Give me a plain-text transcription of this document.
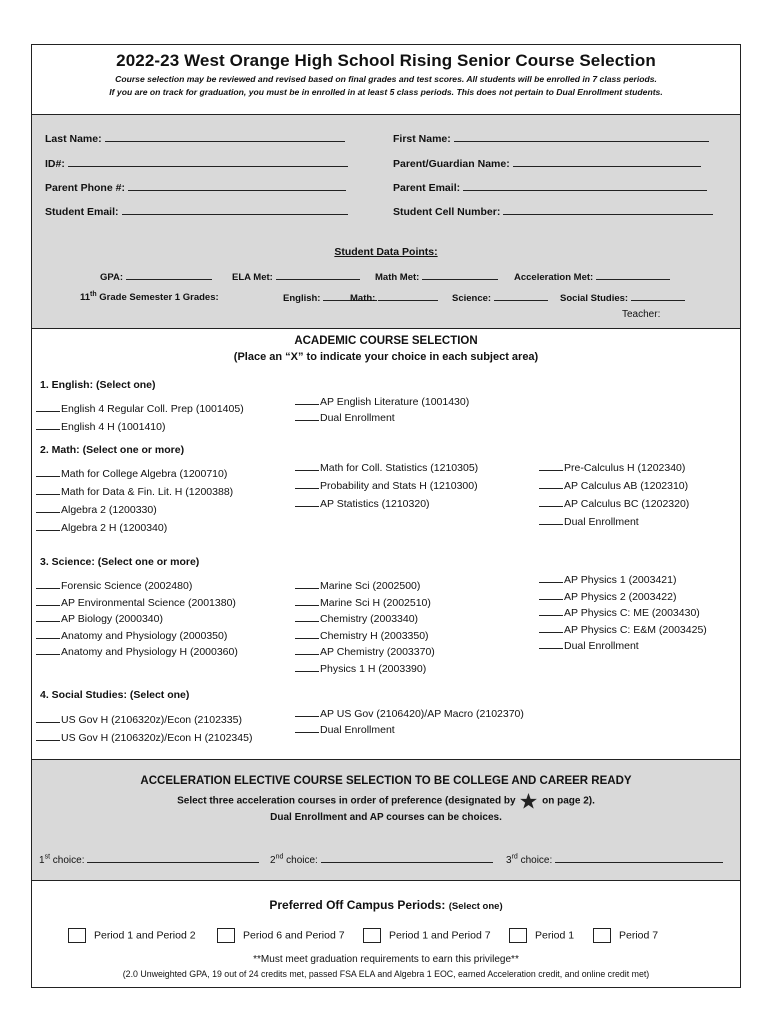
2022-23 West Orange High School Rising Senior Course Selection
Course selection may be reviewed and revised based on final grades and test scores. All students will be enrolled in 7 class periods.
If you are on track for graduation, you must be in enrolled in at least 5 class periods. This does not pertain to Dual Enrollment students.
Last Name:	First Name:
ID#:	Parent/Guardian Name:
Parent Phone #:	Parent Email:
Student Email:	Student Cell Number:
Student Data Points:
GPA:	ELA Met:	Math Met:	Acceleration Met:
11th Grade Semester 1 Grades:	English:	Math:	Science:	Social Studies:
Teacher:
ACADEMIC COURSE SELECTION
(Place an “X” to indicate your choice in each subject area)
1. English: (Select one)
English 4 Regular Coll. Prep (1001405)
English 4 H (1001410)
AP English Literature (1001430)
Dual Enrollment
2. Math: (Select one or more)
Math for College Algebra (1200710)
Math for Data & Fin. Lit. H (1200388)
Algebra 2 (1200330)
Algebra 2 H (1200340)
Math for Coll. Statistics (1210305)
Probability and Stats H (1210300)
AP Statistics (1210320)
Pre-Calculus H (1202340)
AP Calculus AB (1202310)
AP Calculus BC (1202320)
Dual Enrollment
3. Science: (Select one or more)
Forensic Science (2002480)
AP Environmental Science (2001380)
AP Biology (2000340)
Anatomy and Physiology (2000350)
Anatomy and Physiology H (2000360)
Marine Sci (2002500)
Marine Sci H (2002510)
Chemistry (2003340)
Chemistry H (2003350)
AP Chemistry (2003370)
Physics 1 H (2003390)
AP Physics 1 (2003421)
AP Physics 2 (2003422)
AP Physics C: ME (2003430)
AP Physics C: E&M (2003425)
Dual Enrollment
4. Social Studies: (Select one)
US Gov H (2106320z)/Econ (2102335)
US Gov H (2106320z)/Econ H (2102345)
AP US Gov (2106420)/AP Macro (2102370)
Dual Enrollment
ACCELERATION ELECTIVE COURSE SELECTION TO BE COLLEGE AND CAREER READY
Select three acceleration courses in order of preference (designated by	on page 2).
Dual Enrollment and AP courses can be choices.
1st choice:	2nd choice:	3rd choice:
Preferred Off Campus Periods: (Select one)
Period 1 and Period 2	Period 6 and Period 7	Period 1 and Period 7	Period 1	Period 7
**Must meet graduation requirements to earn this privilege**
(2.0 Unweighted GPA, 19 out of 24 credits met, passed FSA ELA and Algebra 1 EOC, earned Acceleration credit, and online credit met)
